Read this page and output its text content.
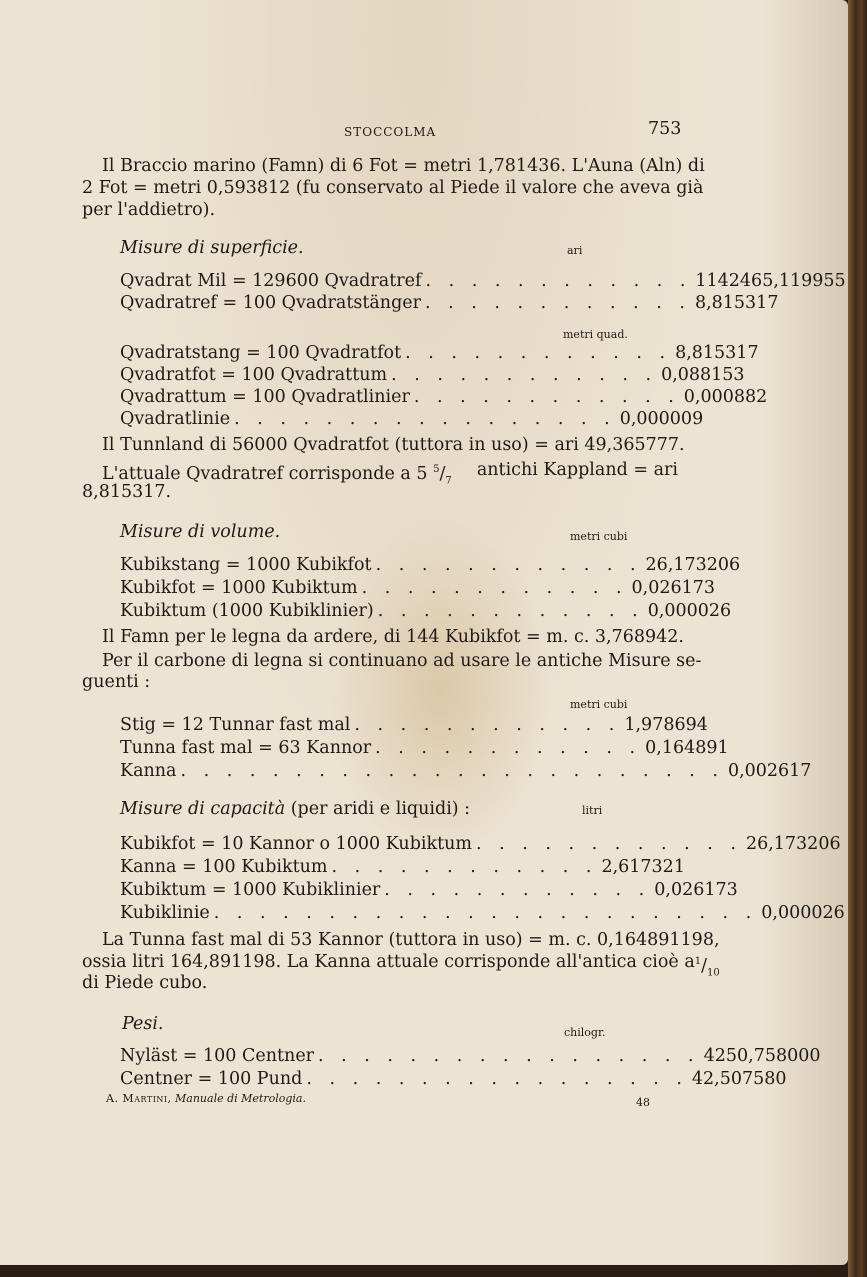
STOCCOLMA	753
Il Braccio marino (Famn) di 6 Fot = metri 1,781436. L'Auna (Aln) di
2 Fot = metri 0,593812 (fu conservato al Piede il valore che aveva già
per l'addietro).
Misure di superficie.	ari
Qvadrat Mil = 129600 Qvadratref . . . . . . . . . . . . 1142465,119955
Qvadratref = 100 Qvadratstänger . . . . . . . . . . . . 8,815317
metri quad.
Qvadratstang = 100 Qvadratfot . . . . . . . . . . . . 8,815317
Qvadratfot = 100 Qvadrattum . . . . . . . . . . . . 0,088153
Qvadrattum = 100 Qvadratlinier . . . . . . . . . . . . 0,000882
Qvadratlinie . . . . . . . . . . . . . . . . . 0,000009
Il Tunnland di 56000 Qvadratfot (tuttora in uso) = ari 49,365777.
L'attuale Qvadratref corrisponde a 5 $^5/_7$
antichi Kappland = ari
8,815317.
Misure di volume.	metri cubi
Kubikstang = 1000 Kubikfot . . . . . . . . . . . . 26,173206
Kubikfot = 1000 Kubiktum . . . . . . . . . . . . 0,026173
Kubiktum (1000 Kubiklinier) . . . . . . . . . . . . 0,000026
Il Famn per le legna da ardere, di 144 Kubikfot = m. c. 3,768942.
Per il carbone di legna si continuano ad usare le antiche Misure se-
guenti :
metri cubi
Stig = 12 Tunnar fast mal . . . . . . . . . . . . 1,978694
Tunna fast mal = 63 Kannor . . . . . . . . . . . . 0,164891
Kanna . . . . . . . . . . . . . . . . . . . . . . . . 0,002617
Misure di capacità (per aridi e liquidi) :	litri
Kubikfot = 10 Kannor o 1000 Kubiktum . . . . . . . . . . . . 26,173206
Kanna = 100 Kubiktum . . . . . . . . . . . . 2,617321
Kubiktum = 1000 Kubiklinier . . . . . . . . . . . . 0,026173
Kubiklinie . . . . . . . . . . . . . . . . . . . . . . . . 0,000026
La Tunna fast mal di 53 Kannor (tuttora in uso) = m. c. 0,164891198,
ossia litri 164,891198. La Kanna attuale corrisponde all'antica cioè a $^1/_{10}$
di Piede cubo.
Pesi.	chilogr.
Nyläst = 100 Centner . . . . . . . . . . . . . . . . . 4250,758000
Centner = 100 Pund . . . . . . . . . . . . . . . . . 42,507580
A. Martini, Manuale di Metrologia.	48
